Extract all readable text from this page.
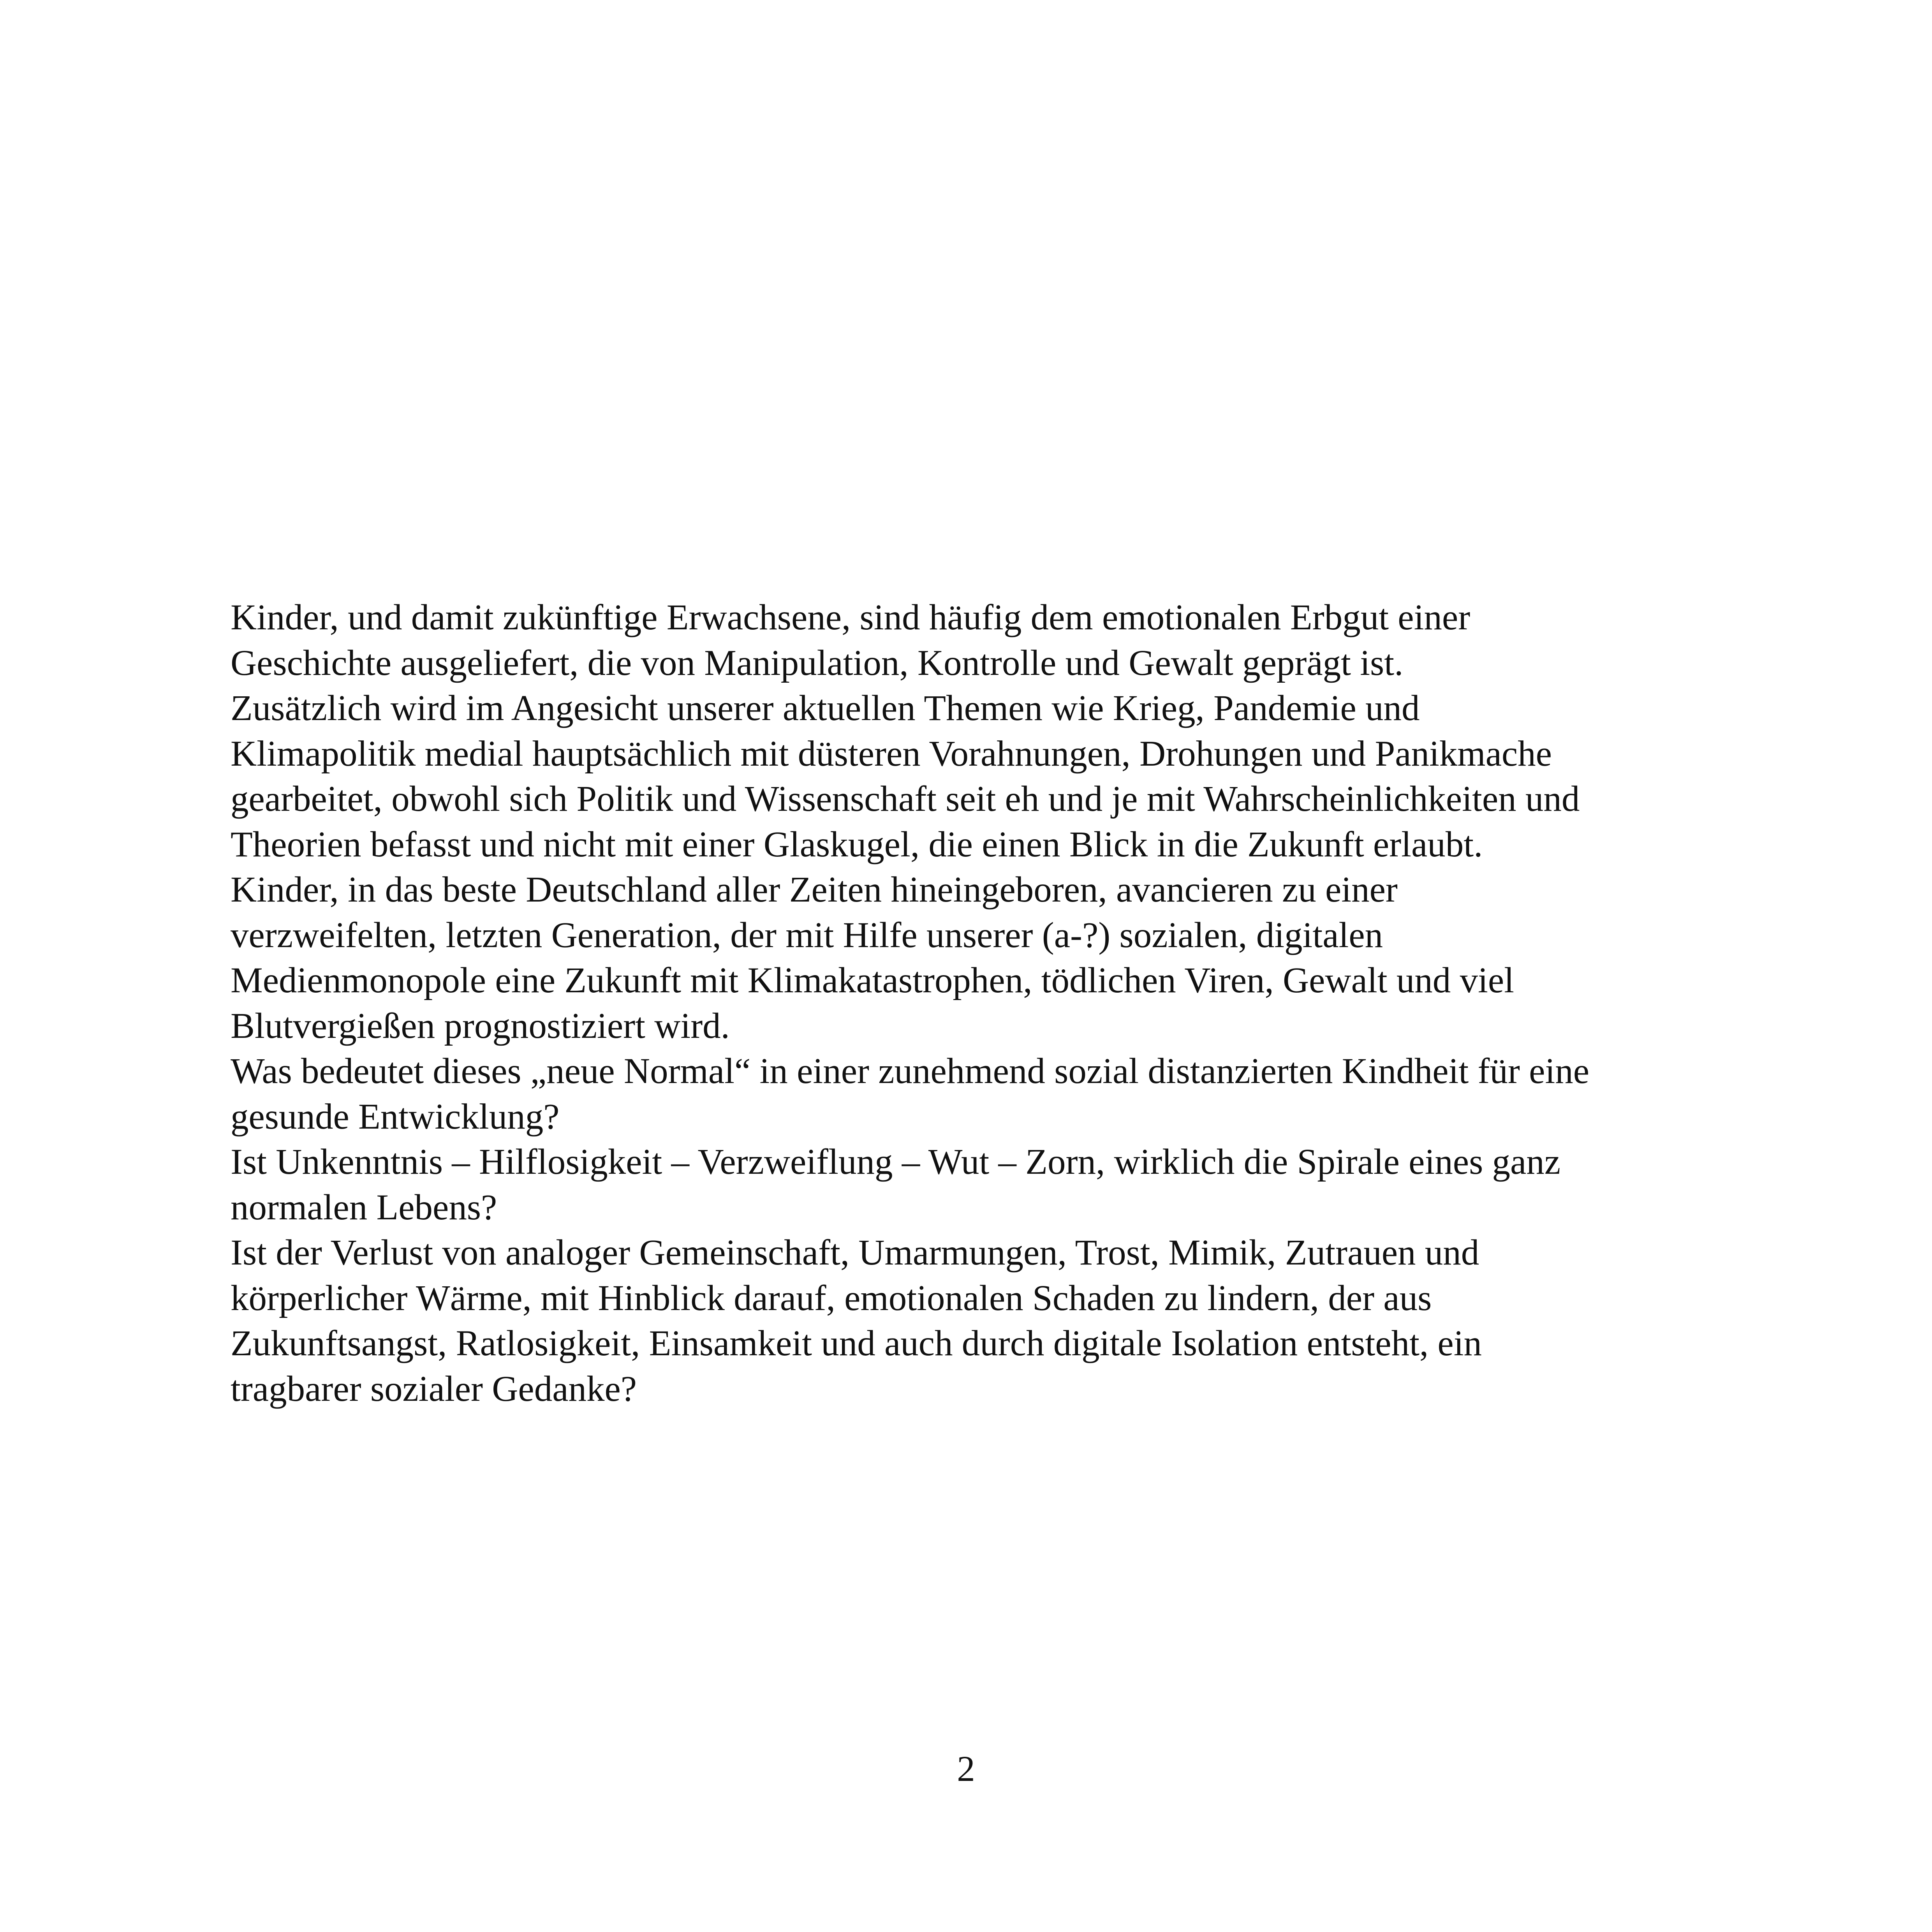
Kinder, und damit zukünftige Erwachsene, sind häufig dem emotionalen Erbgut einer
Geschichte ausgeliefert, die von Manipulation, Kontrolle und Gewalt geprägt ist.
Zusätzlich wird im Angesicht unserer aktuellen Themen wie Krieg, Pandemie und
Klimapolitik medial hauptsächlich mit düsteren Vorahnungen, Drohungen und Panikmache
gearbeitet, obwohl sich Politik und Wissenschaft seit eh und je mit Wahrscheinlichkeiten und
Theorien befasst und nicht mit einer Glaskugel, die einen Blick in die Zukunft erlaubt.
Kinder, in das beste Deutschland aller Zeiten hineingeboren, avancieren zu einer
verzweifelten, letzten Generation, der mit Hilfe unserer (a-?) sozialen, digitalen
Medienmonopole eine Zukunft mit Klimakatastrophen, tödlichen Viren, Gewalt und viel
Blutvergießen prognostiziert wird.
Was bedeutet dieses „neue Normal“ in einer zunehmend sozial distanzierten Kindheit für eine
gesunde Entwicklung?
Ist Unkenntnis – Hilflosigkeit – Verzweiflung – Wut – Zorn, wirklich die Spirale eines ganz
normalen Lebens?
Ist der Verlust von analoger Gemeinschaft, Umarmungen, Trost, Mimik, Zutrauen und
körperlicher Wärme, mit Hinblick darauf, emotionalen Schaden zu lindern, der aus
Zukunftsangst, Ratlosigkeit, Einsamkeit und auch durch digitale Isolation entsteht, ein
tragbarer sozialer Gedanke?
2
